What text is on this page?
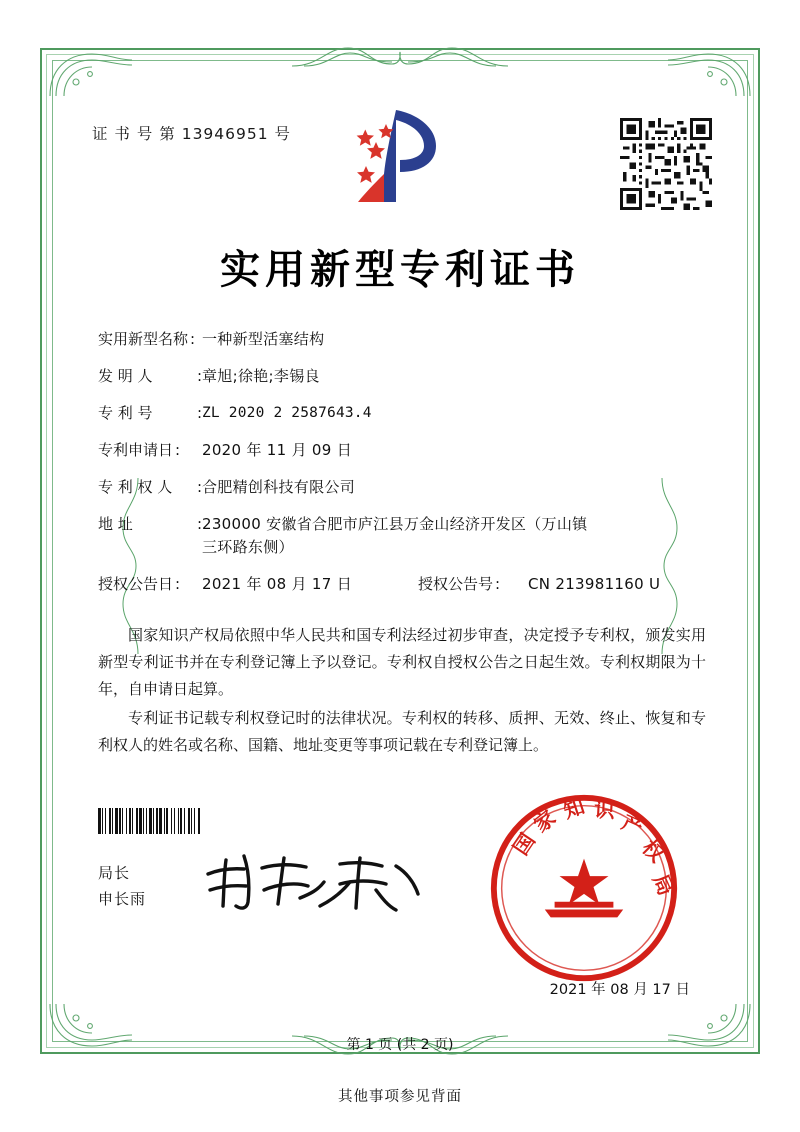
证 书 号 第 13946951 号
实用新型专利证书
实用新型名称 : 一种新型活塞结构
发 明 人	: 章旭;徐艳;李锡良
专 利 号	: ZL 2020 2 2587643.4
专利申请日 :	2020 年 11 月 09 日
专 利 权 人 : 合肥精创科技有限公司
地 址	: 230000 安徽省合肥市庐江县万金山经济开发区（万山镇
三环路东侧）
授权公告日 :	2021 年 08 月 17 日	授权公告号 :	CN 213981160 U

国家知识产权局依照中华人民共和国专利法经过初步审查，决定授予专利权，颁发实用新型专利证书并在专利登记簿上予以登记。专利权自授权公告之日起生效。专利权期限为十年，自申请日起算。

专利证书记载专利权登记时的法律状况。专利权的转移、质押、无效、终止、恢复和专利权人的姓名或名称、国籍、地址变更等事项记载在专利登记簿上。

局长
申长雨
国
家 知 识 产
权
局
2021 年 08 月 17 日
第 1 页 (共 2 页)
其他事项参见背面
